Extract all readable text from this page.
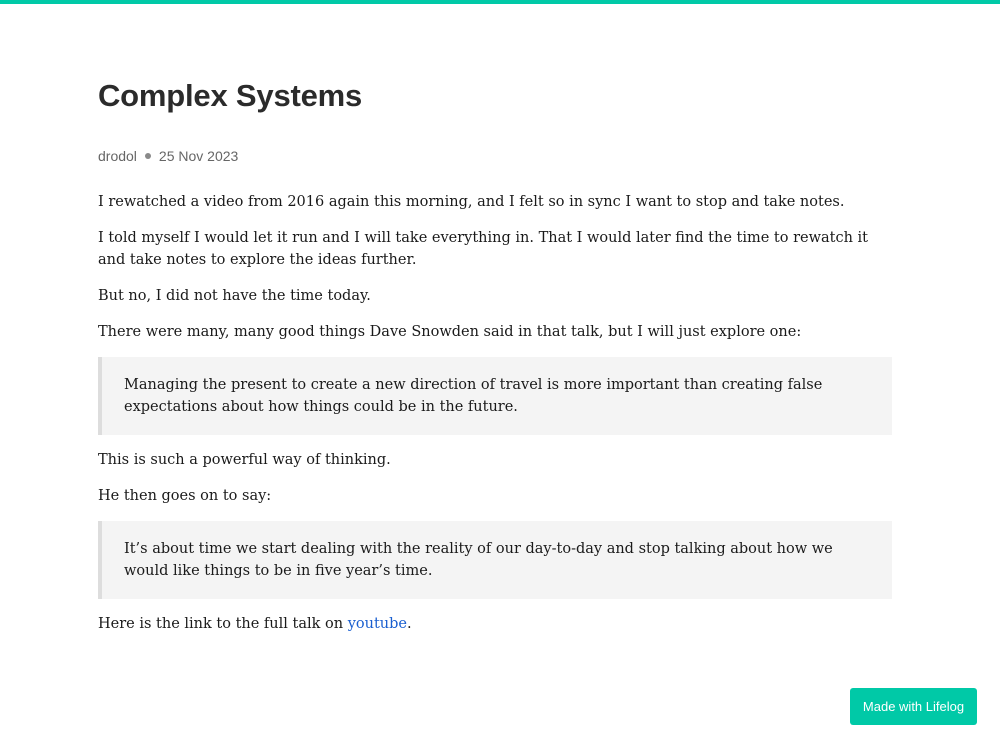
Complex Systems
drodol 25 Nov 2023

I rewatched a video from 2016 again this morning, and I felt so in sync I want to stop and take notes.

I told myself I would let it run and I will take everything in. That I would later find the time to rewatch it and take notes to explore the ideas further.

But no, I did not have the time today.

There were many, many good things Dave Snowden said in that talk, but I will just explore one:

Managing the present to create a new direction of travel is more important than creating false expectations about how things could be in the future.

This is such a powerful way of thinking.

He then goes on to say:

It’s about time we start dealing with the reality of our day-to-day and stop talking about how we would like things to be in five year’s time.

Here is the link to the full talk on youtube.

Made with Lifelog
